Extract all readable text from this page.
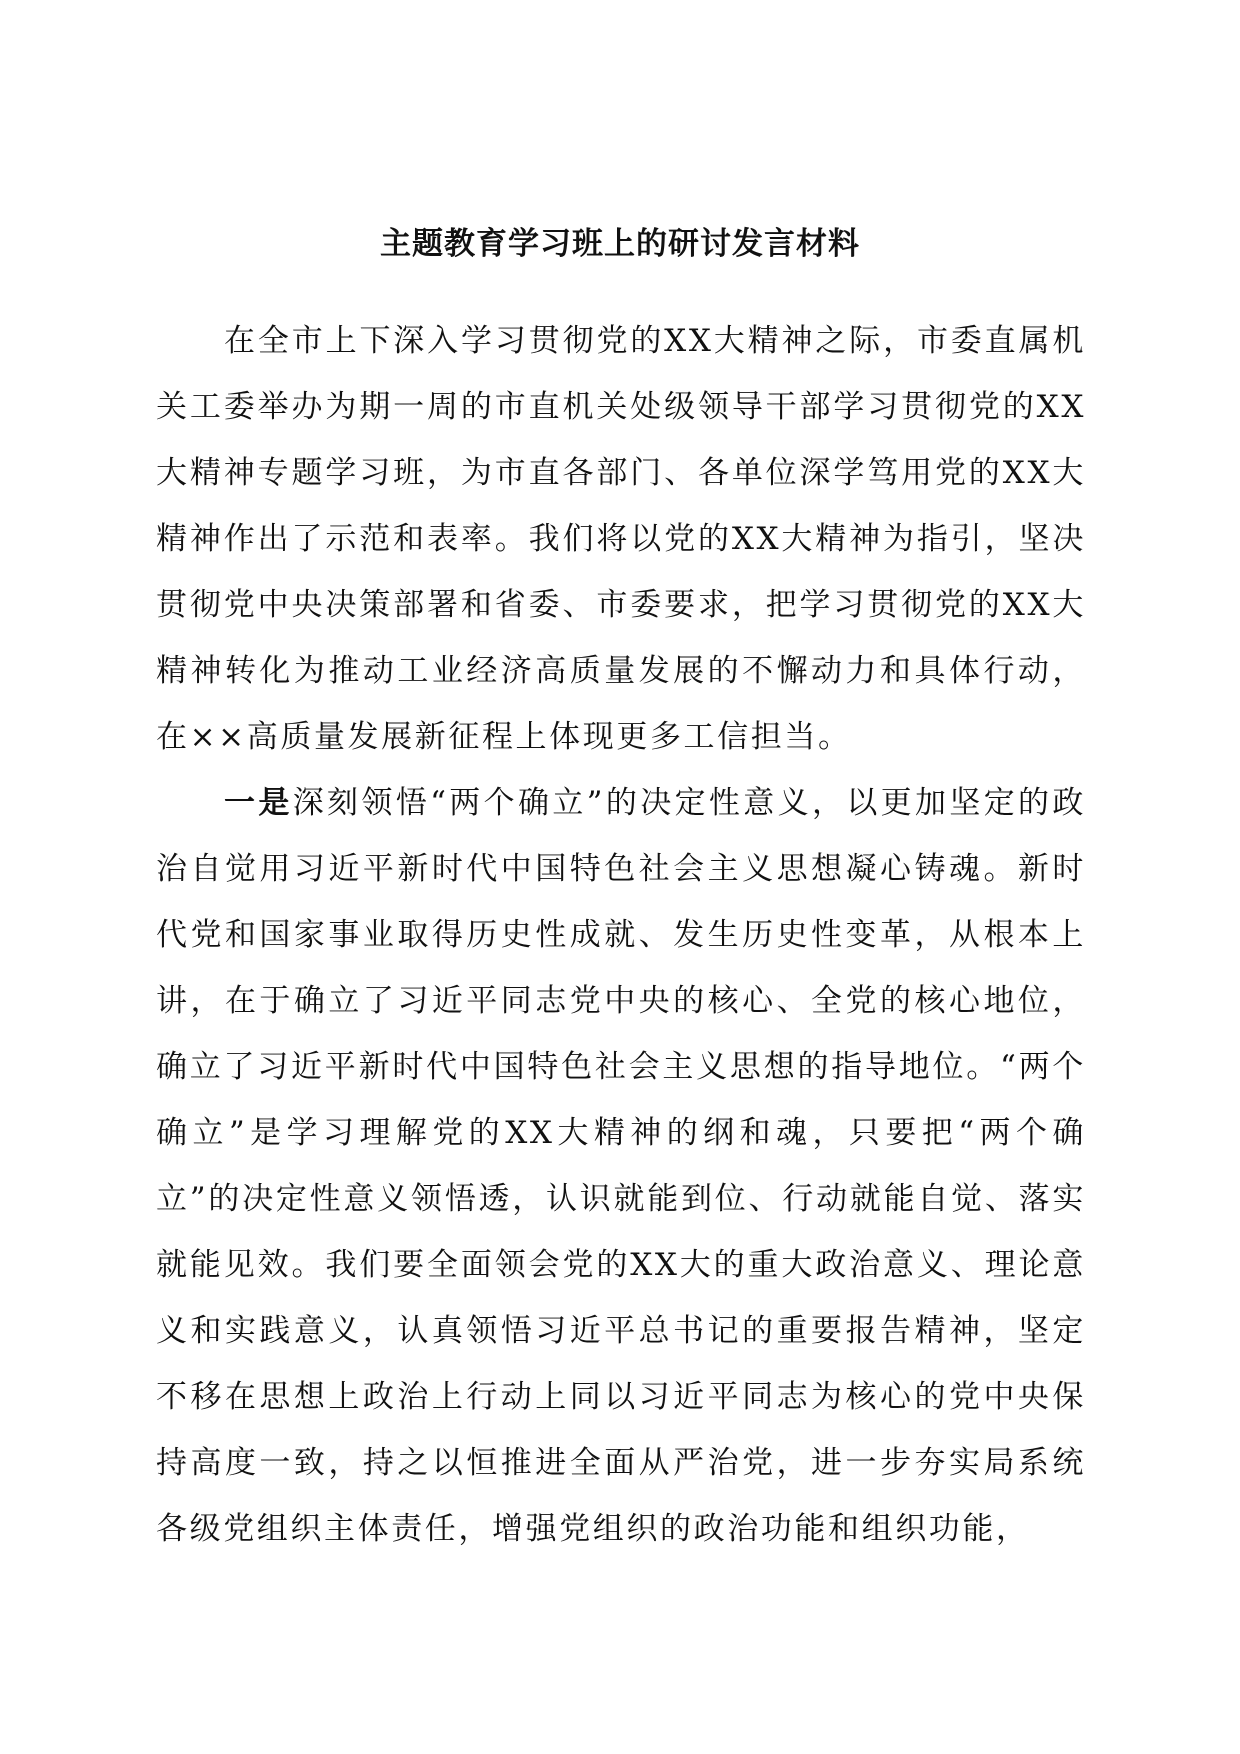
主题教育学习班上的研讨发言材料

在全市上下深入学习贯彻党的XX大精神之际，市委直属机关工委举办为期一周的市直机关处级领导干部学习贯彻党的XX大精神专题学习班，为市直各部门、各单位深学笃用党的XX大精神作出了示范和表率。我们将以党的XX大精神为指引，坚决贯彻党中央决策部署和省委、市委要求，把学习贯彻党的XX大精神转化为推动工业经济高质量发展的不懈动力和具体行动，在××高质量发展新征程上体现更多工信担当。

一是深刻领悟“两个确立”的决定性意义，以更加坚定的政治自觉用习近平新时代中国特色社会主义思想凝心铸魂。新时代党和国家事业取得历史性成就、发生历史性变革，从根本上讲，在于确立了习近平同志党中央的核心、全党的核心地位，确立了习近平新时代中国特色社会主义思想的指导地位。“两个确立”是学习理解党的XX大精神的纲和魂，只要把“两个确立”的决定性意义领悟透，认识就能到位、行动就能自觉、落实就能见效。我们要全面领会党的XX大的重大政治意义、理论意义和实践意义，认真领悟习近平总书记的重要报告精神，坚定不移在思想上政治上行动上同以习近平同志为核心的党中央保持高度一致，持之以恒推进全面从严治党，进一步夯实局系统各级党组织主体责任，增强党组织的政治功能和组织功能，
